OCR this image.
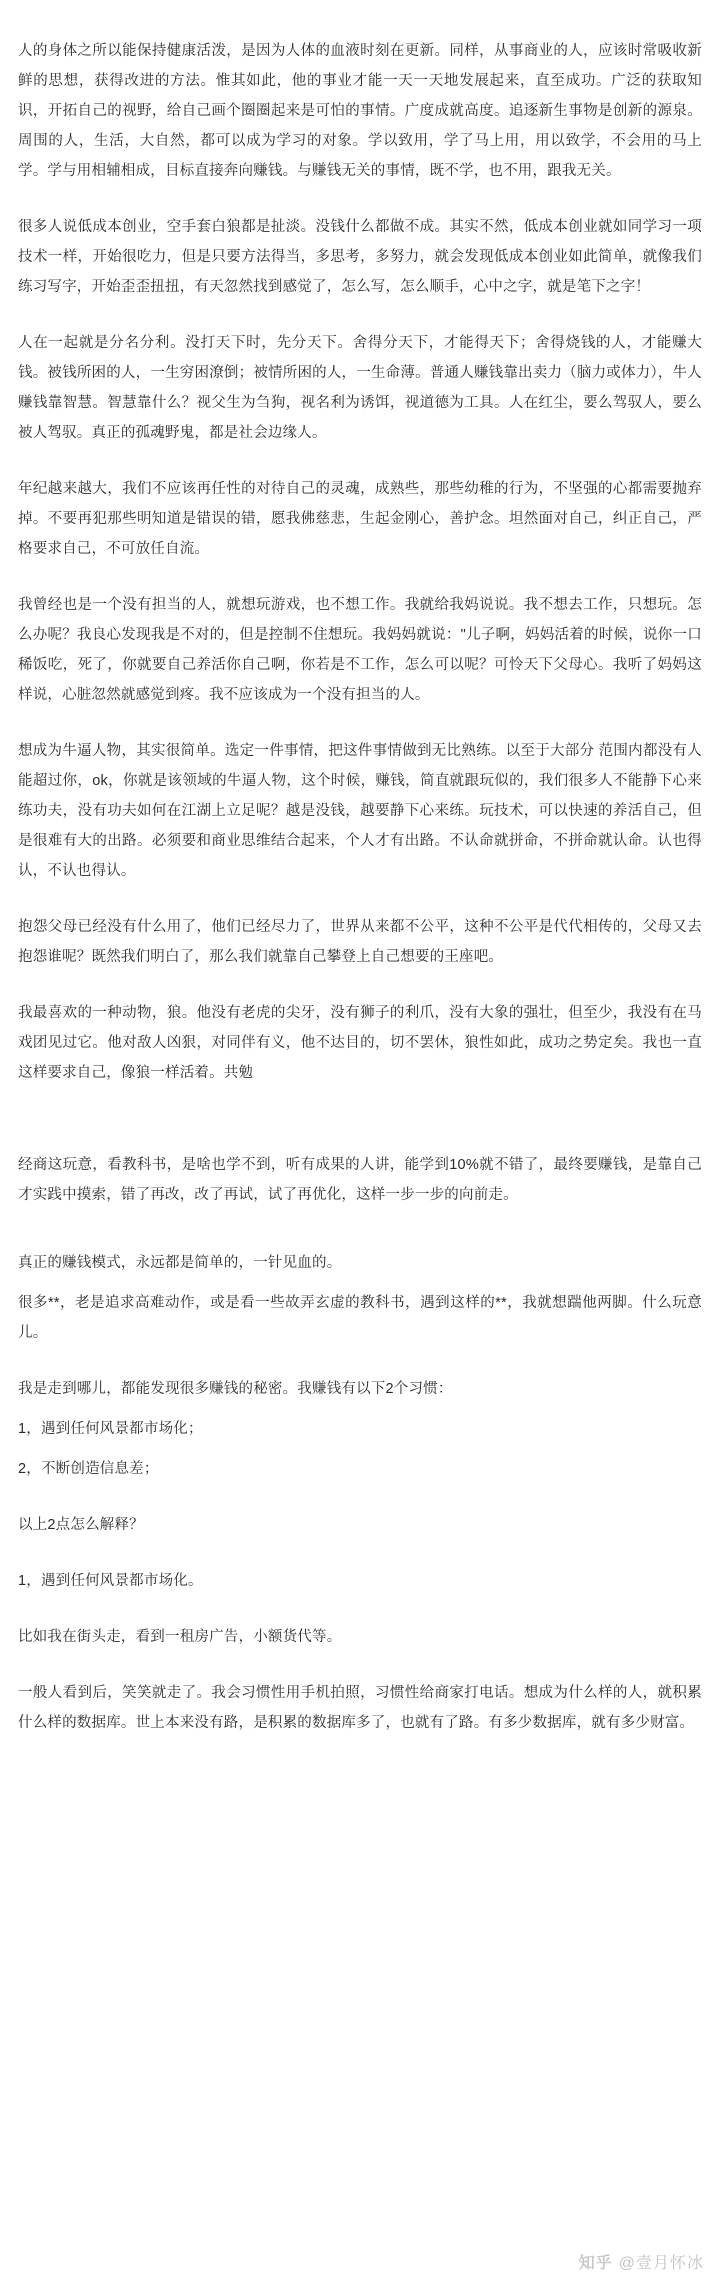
人的身体之所以能保持健康活泼，是因为人体的血液时刻在更新。同样，从事商业的人，应该时常吸收新鲜的思想，获得改进的方法。惟其如此，他的事业才能一天一天地发展起来，直至成功。广泛的获取知识，开拓自己的视野，给自己画个圈圈起来是可怕的事情。广度成就高度。追逐新生事物是创新的源泉。周围的人，生活，大自然，都可以成为学习的对象。学以致用，学了马上用，用以致学，不会用的马上学。学与用相辅相成，目标直接奔向赚钱。与赚钱无关的事情，既不学，也不用，跟我无关。

很多人说低成本创业，空手套白狼都是扯淡。没钱什么都做不成。其实不然，低成本创业就如同学习一项技术一样，开始很吃力，但是只要方法得当，多思考，多努力，就会发现低成本创业如此简单，就像我们练习写字，开始歪歪扭扭，有天忽然找到感觉了，怎么写，怎么顺手，心中之字，就是笔下之字！

人在一起就是分名分利。没打天下时，先分天下。舍得分天下，才能得天下；舍得烧钱的人，才能赚大钱。被钱所困的人，一生穷困潦倒；被情所困的人，一生命薄。普通人赚钱靠出卖力（脑力或体力），牛人赚钱靠智慧。智慧靠什么？视父生为刍狗，视名利为诱饵，视道德为工具。人在红尘，要么驾驭人，要么被人驾驭。真正的孤魂野鬼，都是社会边缘人。

年纪越来越大，我们不应该再任性的对待自己的灵魂，成熟些，那些幼稚的行为，不坚强的心都需要抛弃掉。不要再犯那些明知道是错误的错，愿我佛慈悲，生起金刚心，善护念。坦然面对自己，纠正自己，严格要求自己，不可放任自流。

我曾经也是一个没有担当的人，就想玩游戏，也不想工作。我就给我妈说说。我不想去工作，只想玩。怎么办呢？我良心发现我是不对的，但是控制不住想玩。我妈妈就说："儿子啊，妈妈活着的时候，说你一口稀饭吃，死了，你就要自己养活你自己啊，你若是不工作，怎么可以呢？可怜天下父母心。我听了妈妈这样说，心脏忽然就感觉到疼。我不应该成为一个没有担当的人。

想成为牛逼人物，其实很简单。选定一件事情，把这件事情做到无比熟练。以至于大部分 范围内都没有人能超过你，ok，你就是该领域的牛逼人物，这个时候，赚钱，简直就跟玩似的，我们很多人不能静下心来练功夫，没有功夫如何在江湖上立足呢？越是没钱，越要静下心来练。玩技术，可以快速的养活自己，但是很难有大的出路。必须要和商业思维结合起来，个人才有出路。不认命就拼命，不拼命就认命。认也得认，不认也得认。

抱怨父母已经没有什么用了，他们已经尽力了，世界从来都不公平，这种不公平是代代相传的，父母又去抱怨谁呢？既然我们明白了，那么我们就靠自己攀登上自己想要的王座吧。

我最喜欢的一种动物，狼。他没有老虎的尖牙，没有狮子的利爪，没有大象的强壮，但至少，我没有在马戏团见过它。他对敌人凶狠，对同伴有义，他不达目的，切不罢休，狼性如此，成功之势定矣。我也一直这样要求自己，像狼一样活着。共勉

经商这玩意，看教科书，是啥也学不到，听有成果的人讲，能学到10%就不错了，最终要赚钱，是靠自己才实践中摸索，错了再改，改了再试，试了再优化，这样一步一步的向前走。

真正的赚钱模式，永远都是简单的，一针见血的。

很多**，老是追求高难动作，或是看一些故弄玄虚的教科书，遇到这样的**，我就想踹他两脚。什么玩意儿。

我是走到哪儿，都能发现很多赚钱的秘密。我赚钱有以下2个习惯：

1，遇到任何风景都市场化；

2，不断创造信息差；

以上2点怎么解释？

1，遇到任何风景都市场化。

比如我在街头走，看到一租房广告，小额货代等。

一般人看到后，笑笑就走了。我会习惯性用手机拍照，习惯性给商家打电话。想成为什么样的人，就积累什么样的数据库。世上本来没有路，是积累的数据库多了，也就有了路。有多少数据库，就有多少财富。

知乎 @壹月怀冰
